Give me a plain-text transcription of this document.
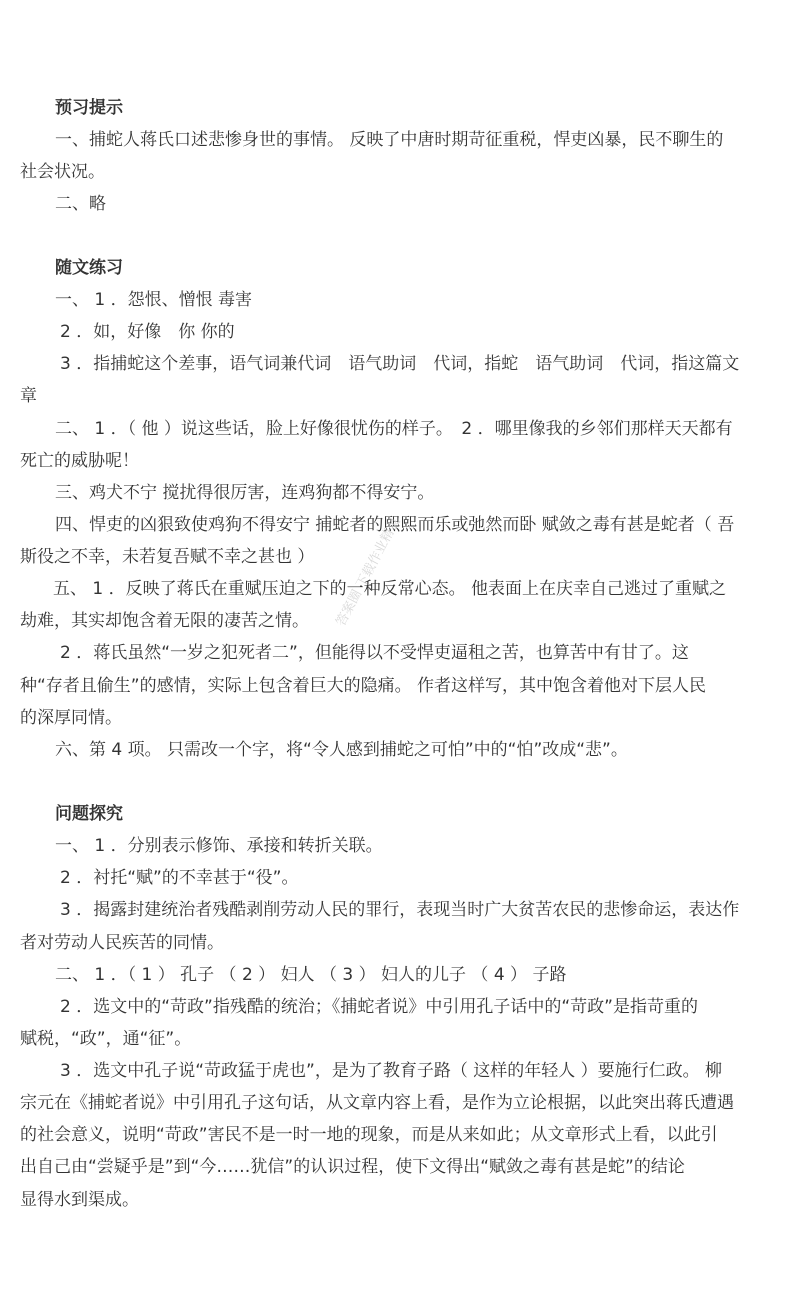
预习提示
一、捕蛇人蒋氏口述悲惨身世的事情。 反映了中唐时期苛征重税，悍吏凶暴，民不聊生的
社会状况。
二、略
随文练习
一、 1 ．怨恨、憎恨 毒害
2 ．如，好像　你 你的
3 ．指捕蛇这个差事，语气词兼代词　语气助词　代词，指蛇　语气助词　代词，指这篇文
章
二、 1 ．（ 他 ）说这些话，脸上好像很忧伤的样子。　2 ．哪里像我的乡邻们那样天天都有
死亡的威胁呢！
三、鸡犬不宁 搅扰得很厉害，连鸡狗都不得安宁。
四、悍吏的凶狠致使鸡狗不得安宁 捕蛇者的熙熙而乐或弛然而卧 赋敛之毒有甚是蛇者（ 吾
斯役之不幸，未若复吾赋不幸之甚也 ）
五、 1 ．反映了蒋氏在重赋压迫之下的一种反常心态。 他表面上在庆幸自己逃过了重赋之
劫难，其实却饱含着无限的凄苦之情。
2 ．蒋氏虽然“一岁之犯死者二”，但能得以不受悍吏逼租之苦，也算苦中有甘了。这
种“存者且偷生”的感情，实际上包含着巨大的隐痛。 作者这样写，其中饱含着他对下层人民
的深厚同情。
六、第 4 项。 只需改一个字，将“令人感到捕蛇之可怕”中的“怕”改成“悲”。
问题探究
一、 1 ．分别表示修饰、承接和转折关联。
2 ．衬托“赋”的不幸甚于“役”。
3 ．揭露封建统治者残酷剥削劳动人民的罪行，表现当时广大贫苦农民的悲惨命运，表达作
者对劳动人民疾苦的同情。
二、 1 ．（ 1 ） 孔子 （ 2 ） 妇人 （ 3 ） 妇人的儿子 （ 4 ） 子路
2 ．选文中的“苛政”指残酷的统治；《捕蛇者说》中引用孔子话中的“苛政”是指苛重的
赋税，“政”，通“征”。
3 ．选文中孔子说“苛政猛于虎也”，是为了教育子路（ 这样的年轻人 ）要施行仁政。 柳
宗元在《捕蛇者说》中引用孔子这句话，从文章内容上看，是作为立论根据，以此突出蒋氏遭遇
的社会意义，说明“苛政”害民不是一时一地的现象，而是从来如此；从文章形式上看，以此引
出自己由“尝疑乎是”到“今……犹信”的认识过程，使下文得出“赋敛之毒有甚是蛇”的结论
显得水到渠成。
答案圈 下载作业精灵
